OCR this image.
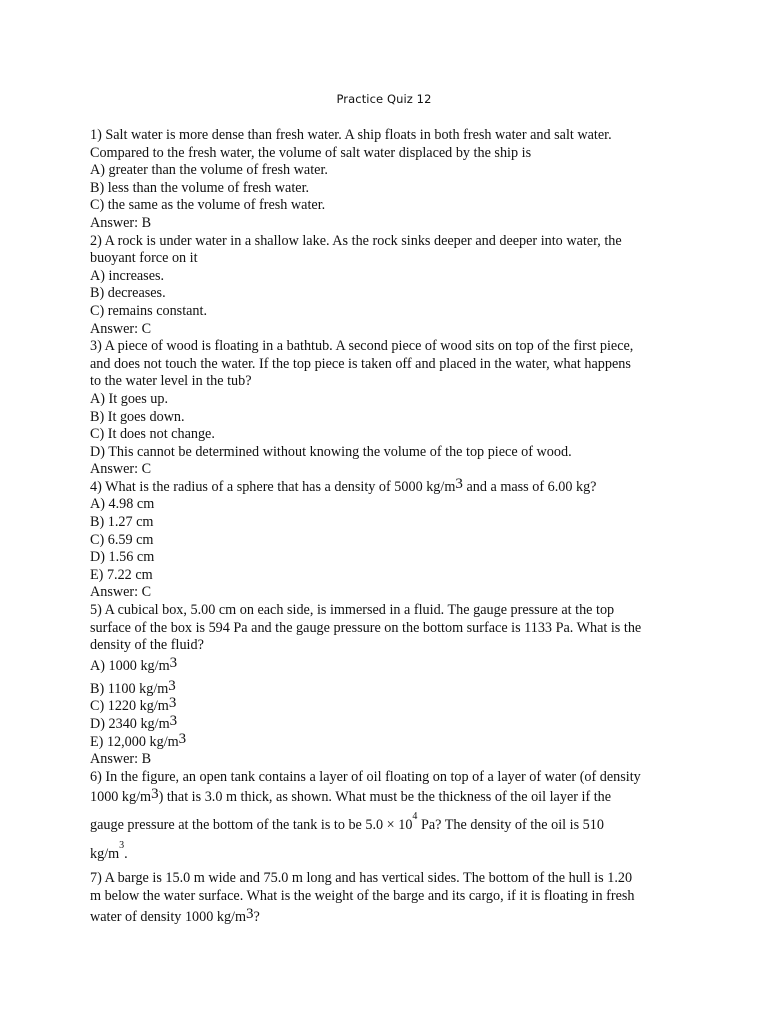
Practice Quiz 12
1) Salt water is more dense than fresh water. A ship floats in both fresh water and salt water.
Compared to the fresh water, the volume of salt water displaced by the ship is
A) greater than the volume of fresh water.
B) less than the volume of fresh water.
C) the same as the volume of fresh water.
Answer: B
2) A rock is under water in a shallow lake. As the rock sinks deeper and deeper into water, the
buoyant force on it
A) increases.
B) decreases.
C) remains constant.
Answer: C
3) A piece of wood is floating in a bathtub. A second piece of wood sits on top of the first piece,
and does not touch the water. If the top piece is taken off and placed in the water, what happens
to the water level in the tub?
A) It goes up.
B) It goes down.
C) It does not change.
D) This cannot be determined without knowing the volume of the top piece of wood.
Answer: C
4) What is the radius of a sphere that has a density of 5000 $kg/m^3$ and a mass of 6.00 kg?
A) 4.98 cm
B) 1.27 cm
C) 6.59 cm
D) 1.56 cm
E) 7.22 cm
Answer: C
5) A cubical box, 5.00 cm on each side, is immersed in a fluid. The gauge pressure at the top
surface of the box is 594 Pa and the gauge pressure on the bottom surface is 1133 Pa. What is the
density of the fluid?
A) 1000 $kg/m^3$
B) 1100 $kg/m^3$
C) 1220 $kg/m^3$
D) 2340 $kg/m^3$
E) 12,000 $kg/m^3$
Answer: B
6) In the figure, an open tank contains a layer of oil floating on top of a layer of water (of density
1000 $kg/m^3$) that is 3.0 m thick, as shown. What must be the thickness of the oil layer if the
gauge pressure at the bottom of the tank is to be $5.0 \times 10^4$ Pa? The density of the oil is 510
$kg/m^3$.
7) A barge is 15.0 m wide and 75.0 m long and has vertical sides. The bottom of the hull is 1.20
m below the water surface. What is the weight of the barge and its cargo, if it is floating in fresh
water of density 1000 $kg/m^3$?
